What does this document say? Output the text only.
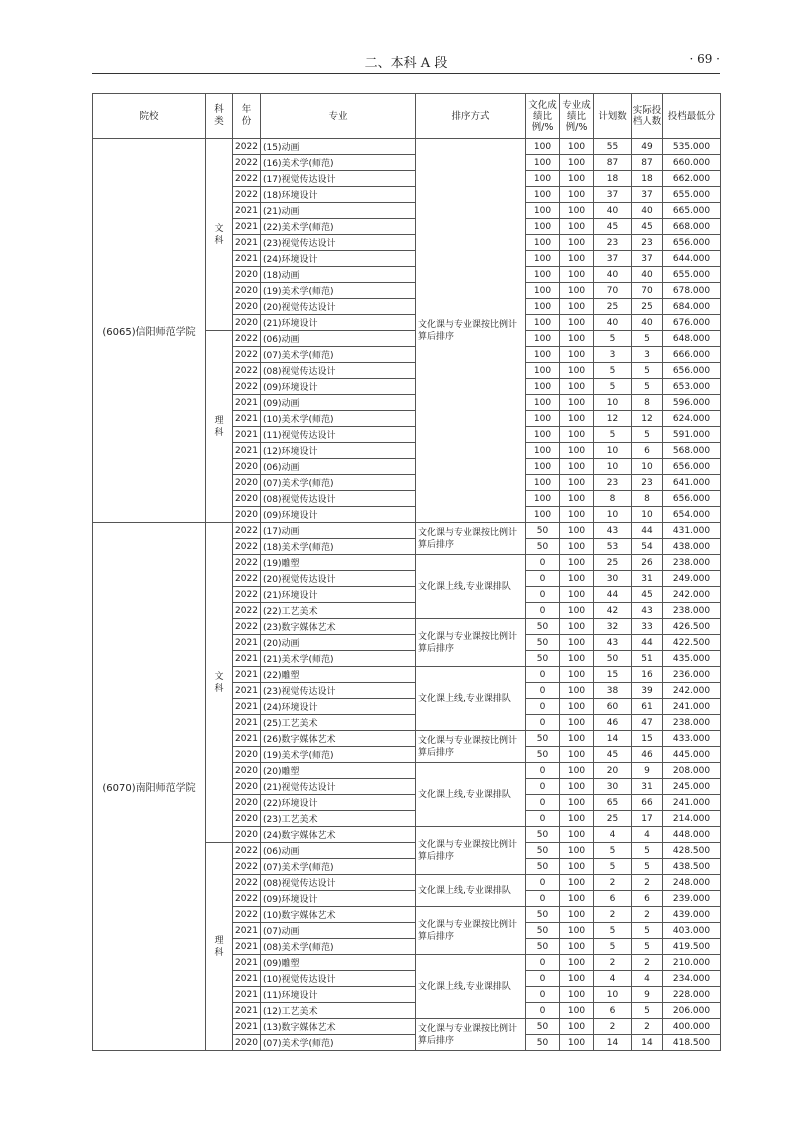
二、本科 A 段	· 69 ·
院校	科类	年份	专业	排序方式	文化成绩比例/%	专业成绩比例/%	计划数	实际投档人数	投档最低分
(6065)信阳师范学院	文科	2022	(15)动画	文化课与专业课按比例计算后排序	100	100	55	49	535.000
		2022	(16)美术学(师范)		100	100	87	87	660.000
		2022	(17)视觉传达设计		100	100	18	18	662.000
		2022	(18)环境设计		100	100	37	37	655.000
		2021	(21)动画		100	100	40	40	665.000
		2021	(22)美术学(师范)		100	100	45	45	668.000
		2021	(23)视觉传达设计		100	100	23	23	656.000
		2021	(24)环境设计		100	100	37	37	644.000
		2020	(18)动画		100	100	40	40	655.000
		2020	(19)美术学(师范)		100	100	70	70	678.000
		2020	(20)视觉传达设计		100	100	25	25	684.000
		2020	(21)环境设计		100	100	40	40	676.000

	理科	2022	(06)动画		100	100	5	5	648.000
		2022	(07)美术学(师范)		100	100	3	3	666.000
		2022	(08)视觉传达设计		100	100	5	5	656.000
		2022	(09)环境设计		100	100	5	5	653.000
		2021	(09)动画		100	100	10	8	596.000
		2021	(10)美术学(师范)		100	100	12	12	624.000
		2021	(11)视觉传达设计		100	100	5	5	591.000
		2021	(12)环境设计		100	100	10	6	568.000
		2020	(06)动画		100	100	10	10	656.000
		2020	(07)美术学(师范)		100	100	23	23	641.000
		2020	(08)视觉传达设计		100	100	8	8	656.000
		2020	(09)环境设计		100	100	10	10	654.000
(6070)南阳师范学院	文科	2022	(17)动画	文化课与专业课按比例计算后排序	50	100	43	44	431.000
		2022	(18)美术学(师范)		50	100	53	54	438.000
		2022	(19)雕塑	文化课上线,专业课排队	0	100	25	26	238.000
		2022	(20)视觉传达设计		0	100	30	31	249.000
		2022	(21)环境设计		0	100	44	45	242.000
		2022	(22)工艺美术		0	100	42	43	238.000
		2022	(23)数字媒体艺术	文化课与专业课按比例计算后排序	50	100	32	33	426.500
		2021	(20)动画		50	100	43	44	422.500
		2021	(21)美术学(师范)		50	100	50	51	435.000
		2021	(22)雕塑	文化课上线,专业课排队	0	100	15	16	236.000
		2021	(23)视觉传达设计		0	100	38	39	242.000
		2021	(24)环境设计		0	100	60	61	241.000
		2021	(25)工艺美术		0	100	46	47	238.000
		2021	(26)数字媒体艺术	文化课与专业课按比例计算后排序	50	100	14	15	433.000
		2020	(19)美术学(师范)		50	100	45	46	445.000
		2020	(20)雕塑	文化课上线,专业课排队	0	100	20	9	208.000
		2020	(21)视觉传达设计		0	100	30	31	245.000
		2020	(22)环境设计		0	100	65	66	241.000
		2020	(23)工艺美术		0	100	25	17	214.000
		2020	(24)数字媒体艺术	文化课与专业课按比例计算后排序	50	100	4	4	448.000

	理科	2022	(06)动画		50	100	5	5	428.500
		2022	(07)美术学(师范)		50	100	5	5	438.500
		2022	(08)视觉传达设计	文化课上线,专业课排队	0	100	2	2	248.000
		2022	(09)环境设计		0	100	6	6	239.000
		2022	(10)数字媒体艺术	文化课与专业课按比例计算后排序	50	100	2	2	439.000
		2021	(07)动画		50	100	5	5	403.000
		2021	(08)美术学(师范)		50	100	5	5	419.500
		2021	(09)雕塑	文化课上线,专业课排队	0	100	2	2	210.000
		2021	(10)视觉传达设计		0	100	4	4	234.000
		2021	(11)环境设计		0	100	10	9	228.000
		2021	(12)工艺美术		0	100	6	5	206.000
		2021	(13)数字媒体艺术	文化课与专业课按比例计算后排序	50	100	2	2	400.000
		2020	(07)美术学(师范)		50	100	14	14	418.500
